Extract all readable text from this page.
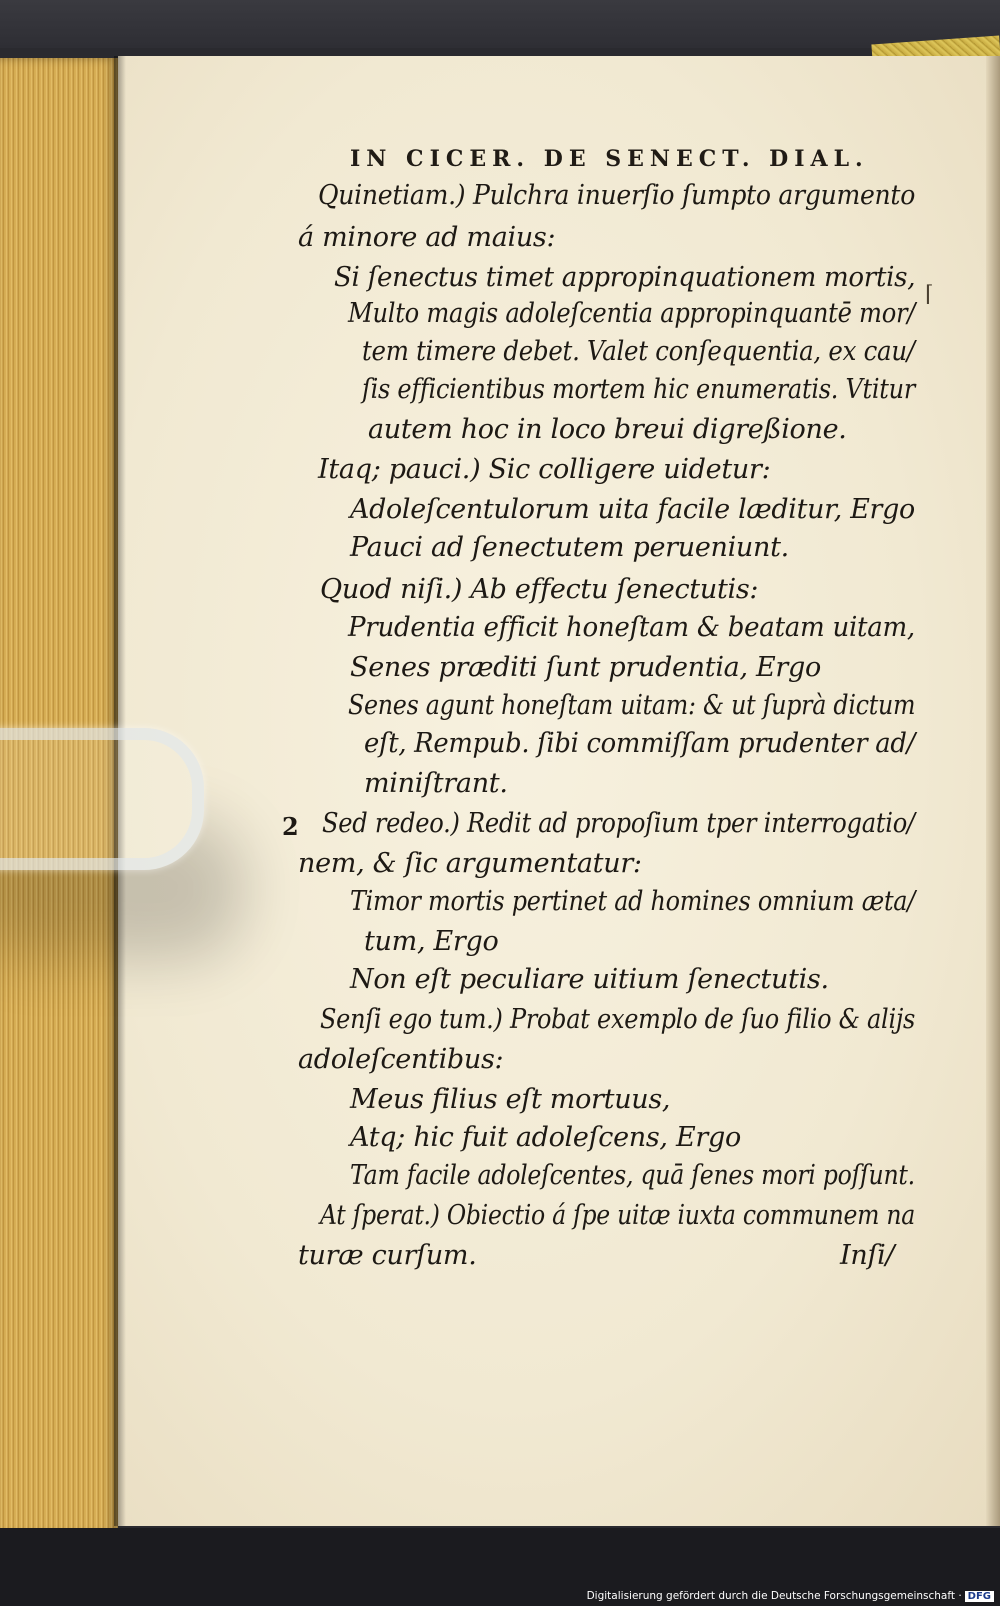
⌈
IN CICER. DE SENECT. DIAL.
Quinetiam.) Pulchra inuerſio ſumpto argumento
á minore ad maius:
Si ſenectus timet appropinquationem mortis,
Multo magis adoleſcentia appropinquantē mor/
tem timere debet. Valet conſequentia, ex cau/
ſis efficientibus mortem hic enumeratis. Vtitur
autem hoc in loco breui digreßione.
Itaq; pauci.) Sic colligere uidetur:
Adoleſcentulorum uita facile læditur, Ergo
Pauci ad ſenectutem perueniunt.
Quod niſi.) Ab effectu ſenectutis:
Prudentia efficit honeſtam & beatam uitam,
Senes præditi ſunt prudentia, Ergo
Senes agunt honeſtam uitam: & ut ſuprà dictum
eſt, Rempub. ſibi commiſſam prudenter ad/
miniſtrant.
2 Sed redeo.) Redit ad propoſium tper interrogatio/
nem, & ſic argumentatur:
Timor mortis pertinet ad homines omnium æta/
tum, Ergo
Non eſt peculiare uitium ſenectutis.
Senſi ego tum.) Probat exemplo de ſuo filio & alijs
adoleſcentibus:
Meus filius eſt mortuus,
Atq; hic fuit adoleſcens, Ergo
Tam facile adoleſcentes, quā ſenes mori poſſunt.
At ſperat.) Obiectio á ſpe uitæ iuxta communem na
turæ curſum.	Inſi/
Digitalisierung gefördert durch die Deutsche Forschungsgemeinschaft · DFG
